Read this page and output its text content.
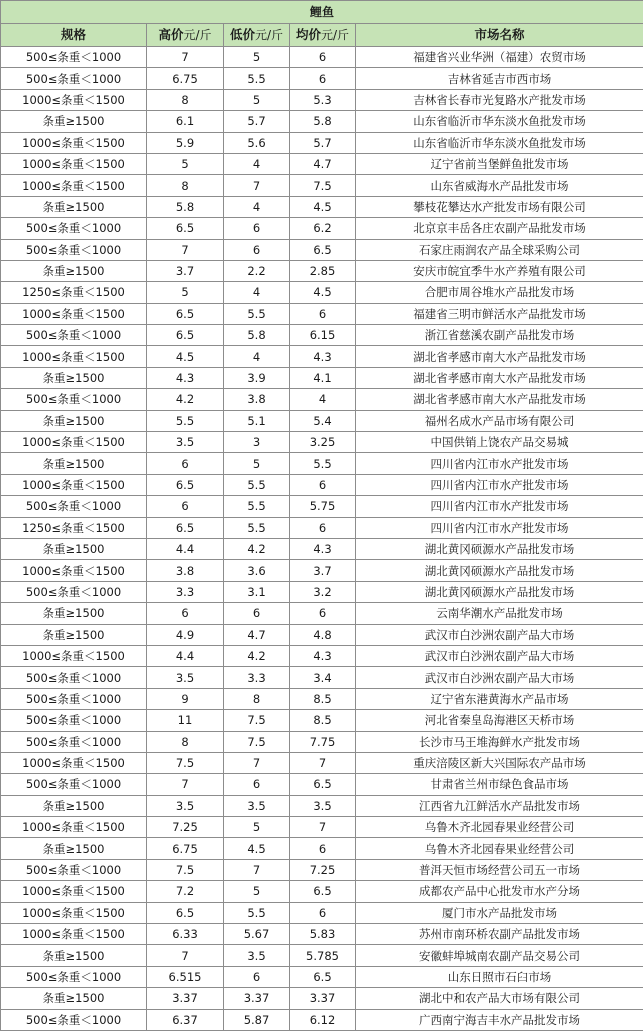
鲤鱼				
规格	高价元/斤	低价元/斤	均价元/斤	市场名称
500≤条重＜1000	7	5	6	福建省兴业华洲（福建）农贸市场
500≤条重＜1000	6.75	5.5	6	吉林省延吉市西市场
1000≤条重＜1500	8	5	5.3	吉林省长春市光复路水产批发市场
条重≥1500	6.1	5.7	5.8	山东省临沂市华东淡水鱼批发市场
1000≤条重＜1500	5.9	5.6	5.7	山东省临沂市华东淡水鱼批发市场
1000≤条重＜1500	5	4	4.7	辽宁省前当堡鲜鱼批发市场
1000≤条重＜1500	8	7	7.5	山东省威海水产品批发市场
条重≥1500	5.8	4	4.5	攀枝花攀达水产批发市场有限公司
500≤条重＜1000	6.5	6	6.2	北京京丰岳各庄农副产品批发市场
500≤条重＜1000	7	6	6.5	石家庄雨润农产品全球采购公司
条重≥1500	3.7	2.2	2.85	安庆市皖宜季牛水产养殖有限公司
1250≤条重＜1500	5	4	4.5	合肥市周谷堆水产品批发市场
1000≤条重＜1500	6.5	5.5	6	福建省三明市鲜活水产品批发市场
500≤条重＜1000	6.5	5.8	6.15	浙江省慈溪农副产品批发市场
1000≤条重＜1500	4.5	4	4.3	湖北省孝感市南大水产品批发市场
条重≥1500	4.3	3.9	4.1	湖北省孝感市南大水产品批发市场
500≤条重＜1000	4.2	3.8	4	湖北省孝感市南大水产品批发市场
条重≥1500	5.5	5.1	5.4	福州名成水产品市场有限公司
1000≤条重＜1500	3.5	3	3.25	中国供销上饶农产品交易城
条重≥1500	6	5	5.5	四川省内江市水产批发市场
1000≤条重＜1500	6.5	5.5	6	四川省内江市水产批发市场
500≤条重＜1000	6	5.5	5.75	四川省内江市水产批发市场
1250≤条重＜1500	6.5	5.5	6	四川省内江市水产批发市场
条重≥1500	4.4	4.2	4.3	湖北黄冈硕源水产品批发市场
1000≤条重＜1500	3.8	3.6	3.7	湖北黄冈硕源水产品批发市场
500≤条重＜1000	3.3	3.1	3.2	湖北黄冈硕源水产品批发市场
条重≥1500	6	6	6	云南华潮水产品批发市场
条重≥1500	4.9	4.7	4.8	武汉市白沙洲农副产品大市场
1000≤条重＜1500	4.4	4.2	4.3	武汉市白沙洲农副产品大市场
500≤条重＜1000	3.5	3.3	3.4	武汉市白沙洲农副产品大市场
500≤条重＜1000	9	8	8.5	辽宁省东港黄海水产品市场
500≤条重＜1000	11	7.5	8.5	河北省秦皇岛海港区天桥市场
500≤条重＜1000	8	7.5	7.75	长沙市马王堆海鲜水产批发市场
1000≤条重＜1500	7.5	7	7	重庆涪陵区新大兴国际农产品市场
500≤条重＜1000	7	6	6.5	甘肃省兰州市绿色食品市场
条重≥1500	3.5	3.5	3.5	江西省九江鲜活水产品批发市场
1000≤条重＜1500	7.25	5	7	乌鲁木齐北园春果业经营公司
条重≥1500	6.75	4.5	6	乌鲁木齐北园春果业经营公司
500≤条重＜1000	7.5	7	7.25	普洱天恒市场经营公司五一市场
1000≤条重＜1500	7.2	5	6.5	成都农产品中心批发市水产分场
1000≤条重＜1500	6.5	5.5	6	厦门市水产品批发市场
1000≤条重＜1500	6.33	5.67	5.83	苏州市南环桥农副产品批发市场
条重≥1500	7	3.5	5.785	安徽蚌埠城南农副产品交易公司
500≤条重＜1000	6.515	6	6.5	山东日照市石臼市场
条重≥1500	3.37	3.37	3.37	湖北中和农产品大市场有限公司
500≤条重＜1000	6.37	5.87	6.12	广西南宁海吉丰水产品批发市场
